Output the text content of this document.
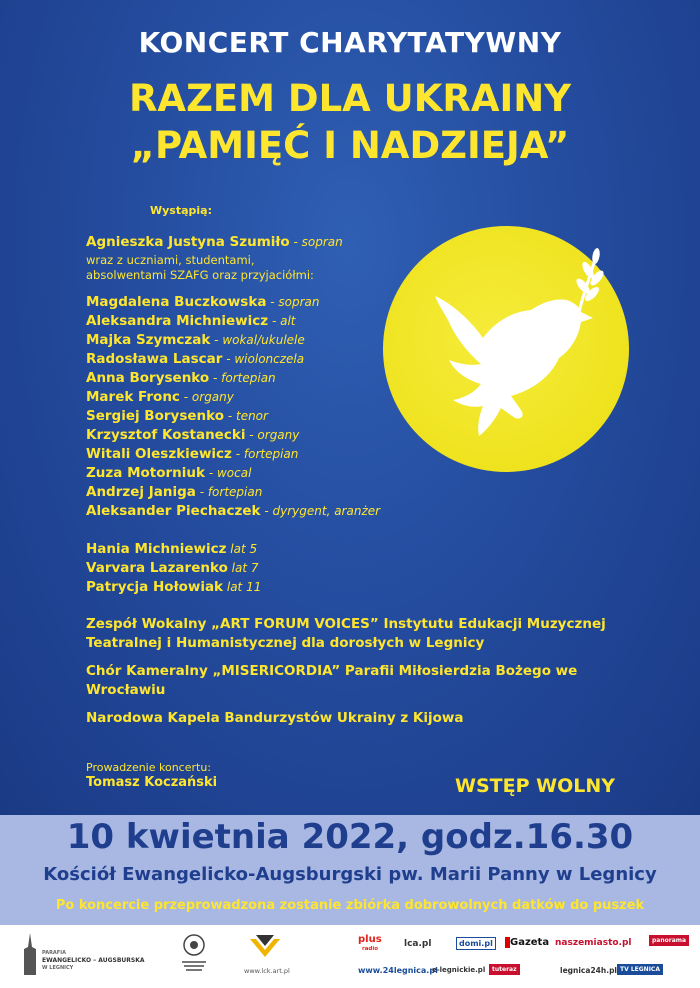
KONCERT CHARYTATYWNY
RAZEM DLA UKRAINY
„PAMIĘĆ I NADZIEJA”
Wystąpią:
Agnieszka Justyna Szumiło - sopran
wraz z uczniami, studentami,
absolwentami SZAFG oraz przyjaciółmi:
Magdalena Buczkowska - sopran
Aleksandra Michniewicz - alt
Majka Szymczak - wokal/ukulele
Radosława Lascar - wiolonczela
Anna Borysenko - fortepian
Marek Fronc - organy
Sergiej Borysenko - tenor
Krzysztof Kostanecki - organy
Witali Oleszkiewicz - fortepian
Zuza Motorniuk - wocal
Andrzej Janiga - fortepian
Aleksander Piechaczek - dyrygent, aranżer
Hania Michniewicz lat 5
Varvara Lazarenko lat 7
Patrycja Hołowiak lat 11
Zespół Wokalny „ART FORUM VOICES” Instytutu Edukacji Muzycznej Teatralnej i Humanistycznej dla dorosłych w Legnicy
Chór Kameralny „MISERICORDIA” Parafii Miłosierdzia Bożego we Wrocławiu
Narodowa Kapela Bandurzystów Ukrainy z Kijowa
Prowadzenie koncertu:
Tomasz Koczański	WSTĘP WOLNY
10 kwietnia 2022, godz.16.30
Kościół Ewangelicko-Augsburgski pw. Marii Panny w Legnicy
Po koncercie przeprowadzona zostanie zbiórka dobrowolnych datków do puszek
PARAFIA
EWANGELICKO – AUGSBURSKA
W LEGNICY	www.lck.art.pl
plus
radio	lca.pl	domi.pl	Gazeta naszemiasto.pl	panorama
www.24legnica.pl
e-legnickie.pl	tuteraz	legnica24h.pl TV LEGNICA
